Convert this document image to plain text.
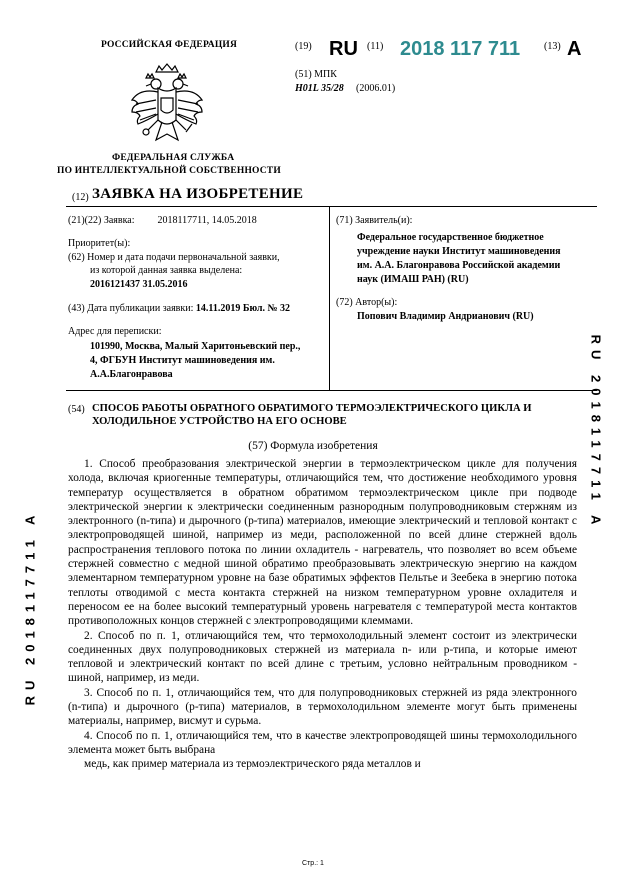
РОССИЙСКАЯ ФЕДЕРАЦИЯ
ФЕДЕРАЛЬНАЯ СЛУЖБА
ПО ИНТЕЛЛЕКТУАЛЬНОЙ СОБСТВЕННОСТИ
(19) RU (11) 2018 117 711 (13) A
(51) МПК
H01L 35/28 (2006.01)
(12) ЗАЯВКА НА ИЗОБРЕТЕНИЕ
(21)(22) Заявка: 2018117711, 14.05.2018
Приоритет(ы):
(62) Номер и дата подачи первоначальной заявки,
из которой данная заявка выделена:
2016121437 31.05.2016
(43) Дата публикации заявки: 14.11.2019 Бюл. № 32
Адрес для переписки:
101990, Москва, Малый Харитоньевский пер.,
4, ФГБУН Институт машиноведения им.
А.А.Благонравова
(71) Заявитель(и):
Федеральное государственное бюджетное
учреждение науки Институт машиноведения
им. А.А. Благонравова Российской академии
наук (ИМАШ РАН) (RU)
(72) Автор(ы):
Попович Владимир Андрианович (RU)
(54) СПОСОБ РАБОТЫ ОБРАТНОГО ОБРАТИМОГО ТЕРМОЭЛЕКТРИЧЕСКОГО ЦИКЛА И
ХОЛОДИЛЬНОЕ УСТРОЙСТВО НА ЕГО ОСНОВЕ
(57) Формула изобретения

1. Способ преобразования электрической энергии в термоэлектрическом цикле для получения холода, включая криогенные температуры, отличающийся тем, что достижение необходимого уровня температур осуществляется в обратном обратимом термоэлектрическом цикле при подводе электрической энергии к электрически соединенным разнородным полупроводниковым стержням из электронного (n-типа) и дырочного (р-типа) материалов, имеющие электрический и тепловой контакт с электропроводящей шиной, например из меди, расположенной по всей длине стержней вдоль распространения теплового потока по линии охладитель - нагреватель, что позволяет во всем объеме стержней совместно с медной шиной обратимо преобразовывать электрическую энергию на каждом элементарном температурном уровне на базе обратимых эффектов Пельтье и Зеебека в энергию потока теплоты отводимой с места контакта стержней на низком температурном уровне охладителя и переносом ее на более высокий температурный уровень нагревателя с температурой места контактов противоположных концов стержней с электропроводящими клеммами.

2. Способ по п. 1, отличающийся тем, что термохолодильный элемент состоит из электрически соединенных двух полупроводниковых стержней из материала n- или р-типа, и которые имеют тепловой и электрический контакт по всей длине с третьим, условно нейтральным проводником - шиной, например, из меди.

3. Способ по п. 1, отличающийся тем, что для полупроводниковых стержней из ряда электронного (n-типа) и дырочного (р-типа) материалов, в термохолодильном элементе могут быть применены материалы, например, висмут и сурьма.

4. Способ по п. 1, отличающийся тем, что в качестве электропроводящей шины термохолодильного элемента может быть выбрана

медь, как пример материала из термоэлектрического ряда металлов и

RU 2018117711 A
RU 2018117711 A
Стр.: 1
